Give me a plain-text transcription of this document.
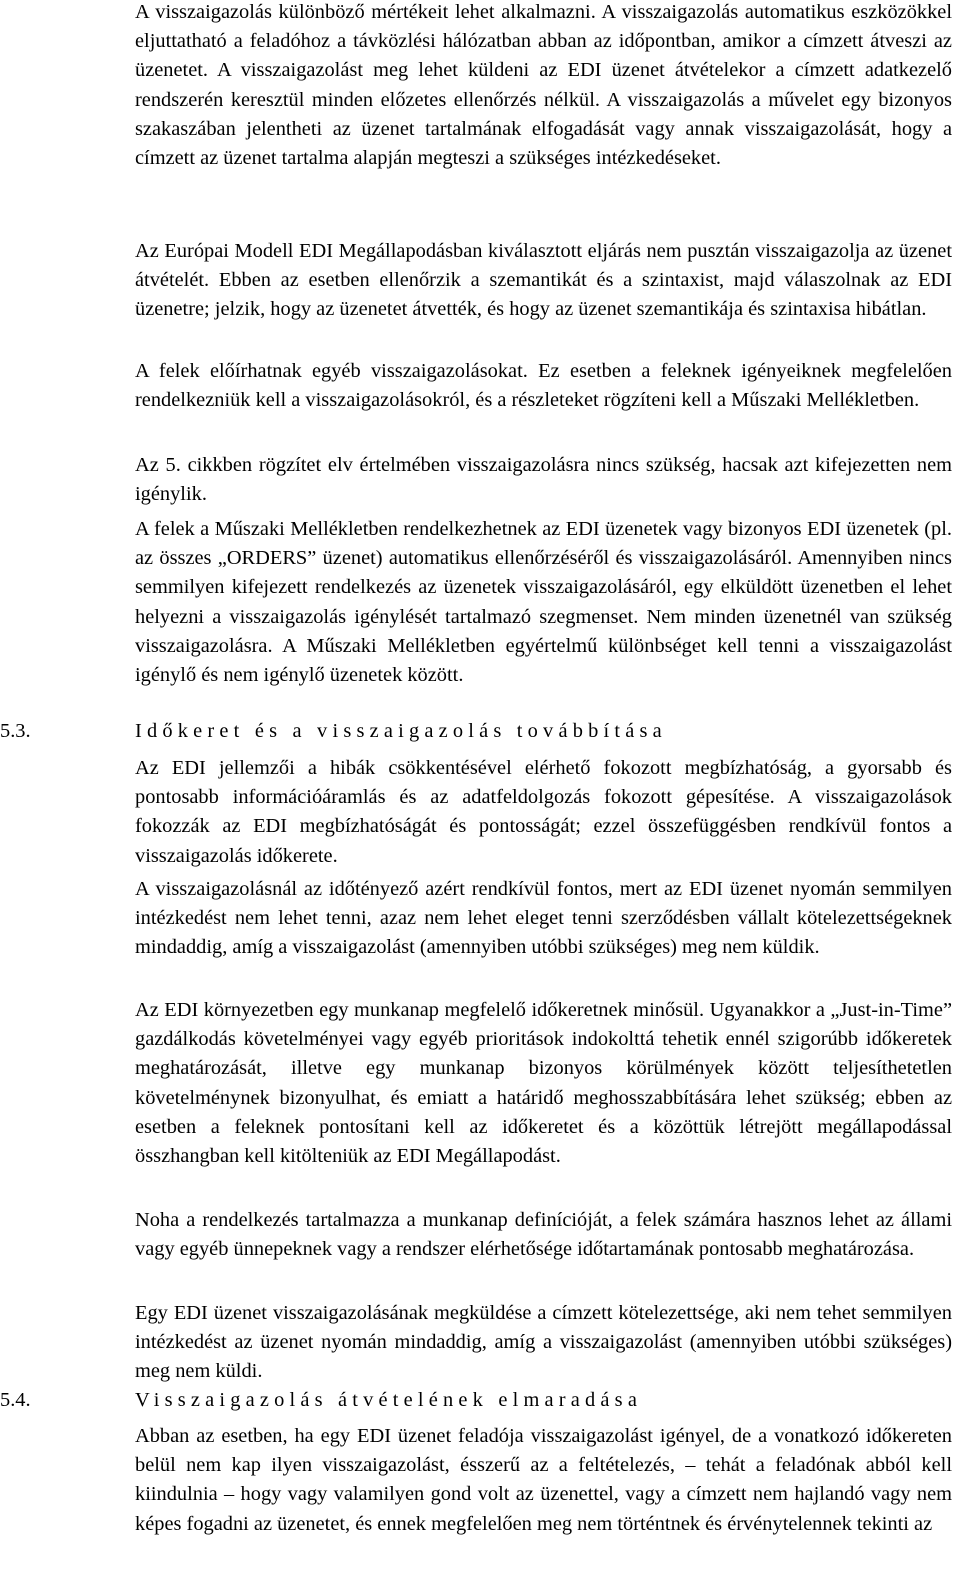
A visszaigazolás különböző mértékeit lehet alkalmazni. A visszaigazolás automatikus eszközökkel eljuttatható a feladóhoz a távközlési hálózatban abban az időpontban, amikor a címzett átveszi az üzenetet. A visszaigazolást meg lehet küldeni az EDI üzenet átvételekor a címzett adatkezelő rendszerén keresztül minden előzetes ellenőrzés nélkül. A visszaigazolás a művelet egy bizonyos szakaszában jelentheti az üzenet tartalmának elfogadását vagy annak visszaigazolását, hogy a címzett az üzenet tartalma alapján megteszi a szükséges intézkedéseket.

Az Európai Modell EDI Megállapodásban kiválasztott eljárás nem pusztán visszaigazolja az üzenet átvételét. Ebben az esetben ellenőrzik a szemantikát és a szintaxist, majd válaszolnak az EDI üzenetre; jelzik, hogy az üzenetet átvették, és hogy az üzenet szemantikája és szintaxisa hibátlan.

A felek előírhatnak egyéb visszaigazolásokat. Ez esetben a feleknek igényeiknek megfelelően rendelkezniük kell a visszaigazolásokról, és a részleteket rögzíteni kell a Műszaki Mellékletben.

Az 5. cikkben rögzítet elv értelmében visszaigazolásra nincs szükség, hacsak azt kifejezetten nem igénylik.

A felek a Műszaki Mellékletben rendelkezhetnek az EDI üzenetek vagy bizonyos EDI üzenetek (pl. az összes „ORDERS” üzenet) automatikus ellenőrzéséről és visszaigazolásáról. Amennyiben nincs semmilyen kifejezett rendelkezés az üzenetek visszaigazolásáról, egy elküldött üzenetben el lehet helyezni a visszaigazolás igénylését tartalmazó szegmenset. Nem minden üzenetnél van szükség visszaigazolásra. A Műszaki Mellékletben egyértelmű különbséget kell tenni a visszaigazolást igénylő és nem igénylő üzenetek között.

5.3.	Időkeret és a visszaigazolás továbbítása

Az EDI jellemzői a hibák csökkentésével elérhető fokozott megbízhatóság, a gyorsabb és pontosabb információáramlás és az adatfeldolgozás fokozott gépesítése. A visszaigazolások fokozzák az EDI megbízhatóságát és pontosságát; ezzel összefüggésben rendkívül fontos a visszaigazolás időkerete.

A visszaigazolásnál az időtényező azért rendkívül fontos, mert az EDI üzenet nyomán semmilyen intézkedést nem lehet tenni, azaz nem lehet eleget tenni szerződésben vállalt kötelezettségeknek mindaddig, amíg a visszaigazolást (amennyiben utóbbi szükséges) meg nem küldik.

Az EDI környezetben egy munkanap megfelelő időkeretnek minősül. Ugyanakkor a „Just-in-Time” gazdálkodás követelményei vagy egyéb prioritások indokolttá tehetik ennél szigorúbb időkeretek meghatározását, illetve egy munkanap bizonyos körülmények között teljesíthetetlen követelménynek bizonyulhat, és emiatt a határidő meghosszabbítására lehet szükség; ebben az esetben a feleknek pontosítani kell az időkeretet és a közöttük létrejött megállapodással összhangban kell kitölteniük az EDI Megállapodást.

Noha a rendelkezés tartalmazza a munkanap definícióját, a felek számára hasznos lehet az állami vagy egyéb ünnepeknek vagy a rendszer elérhetősége időtartamának pontosabb meghatározása.

Egy EDI üzenet visszaigazolásának megküldése a címzett kötelezettsége, aki nem tehet semmilyen intézkedést az üzenet nyomán mindaddig, amíg a visszaigazolást (amennyiben utóbbi szükséges) meg nem küldi.

5.4.	Visszaigazolás átvételének elmaradása

Abban az esetben, ha egy EDI üzenet feladója visszaigazolást igényel, de a vonatkozó időkereten belül nem kap ilyen visszaigazolást, ésszerű az a feltételezés, – tehát a feladónak abból kell kiindulnia – hogy vagy valamilyen gond volt az üzenettel, vagy a címzett nem hajlandó vagy nem képes fogadni az üzenetet, és ennek megfelelően meg nem történtnek és érvénytelennek tekinti az
